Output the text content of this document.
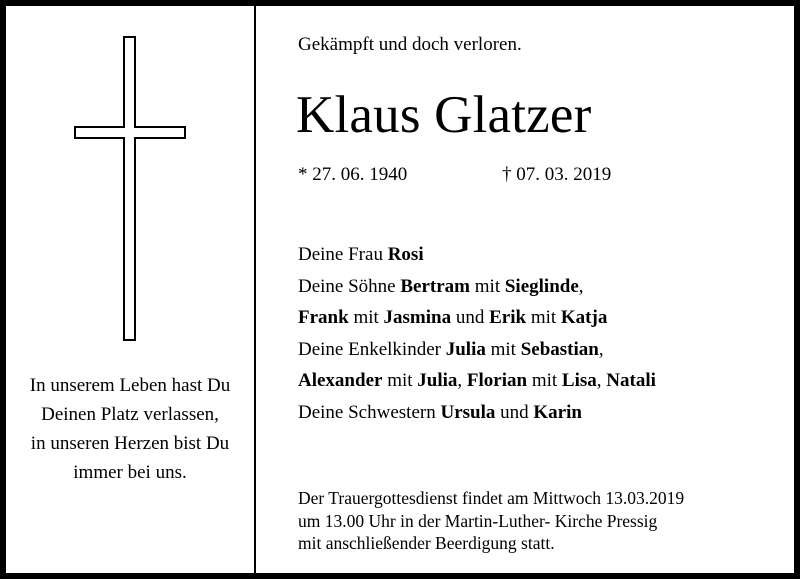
In unserem Leben hast Du
Deinen Platz verlassen,
in unseren Herzen bist Du
immer bei uns.
Gekämpft und doch verloren.
Klaus Glatzer
* 27. 06. 1940	† 07. 03. 2019
Deine Frau Rosi
Deine Söhne Bertram mit Sieglinde,
Frank mit Jasmina und Erik mit Katja
Deine Enkelkinder Julia mit Sebastian,
Alexander mit Julia, Florian mit Lisa, Natali
Deine Schwestern Ursula und Karin
Der Trauergottesdienst findet am Mittwoch 13.03.2019
um 13.00 Uhr in der Martin-Luther- Kirche Pressig
mit anschließender Beerdigung statt.
